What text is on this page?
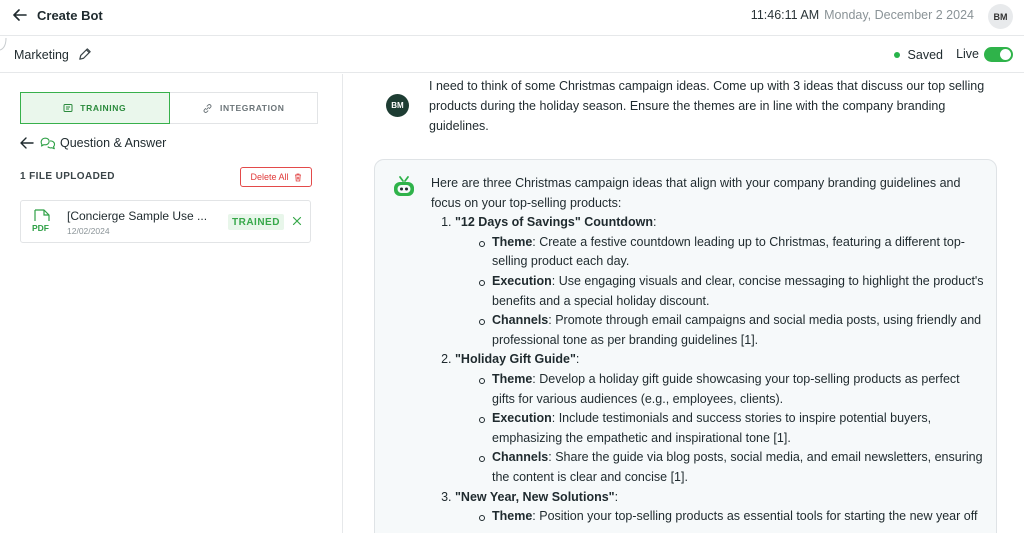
Create Bot	11:46:11 AM Monday, December 2 2024	BM
Marketing	Saved Live
TRAINING	INTEGRATION
Question & Answer
1 FILE UPLOADED	Delete All
PDF
[Concierge Sample Use ...
12/02/2024
TRAINED
BM
I need to think of some Christmas campaign ideas. Come up with 3 ideas that discuss our top selling products during the holiday season. Ensure the themes are in line with the company branding guidelines.
Here are three Christmas campaign ideas that align with your company branding guidelines and focus on your top-selling products:
1. "12 Days of Savings" Countdown:
Theme: Create a festive countdown leading up to Christmas, featuring a different top-selling product each day.
Execution: Use engaging visuals and clear, concise messaging to highlight the product's benefits and a special holiday discount.
Channels: Promote through email campaigns and social media posts, using friendly and professional tone as per branding guidelines [1].
2. "Holiday Gift Guide":
Theme: Develop a holiday gift guide showcasing your top-selling products as perfect gifts for various audiences (e.g., employees, clients).
Execution: Include testimonials and success stories to inspire potential buyers, emphasizing the empathetic and inspirational tone [1].
Channels: Share the guide via blog posts, social media, and email newsletters, ensuring the content is clear and concise [1].
3. "New Year, New Solutions":
Theme: Position your top-selling products as essential tools for starting the new year off
